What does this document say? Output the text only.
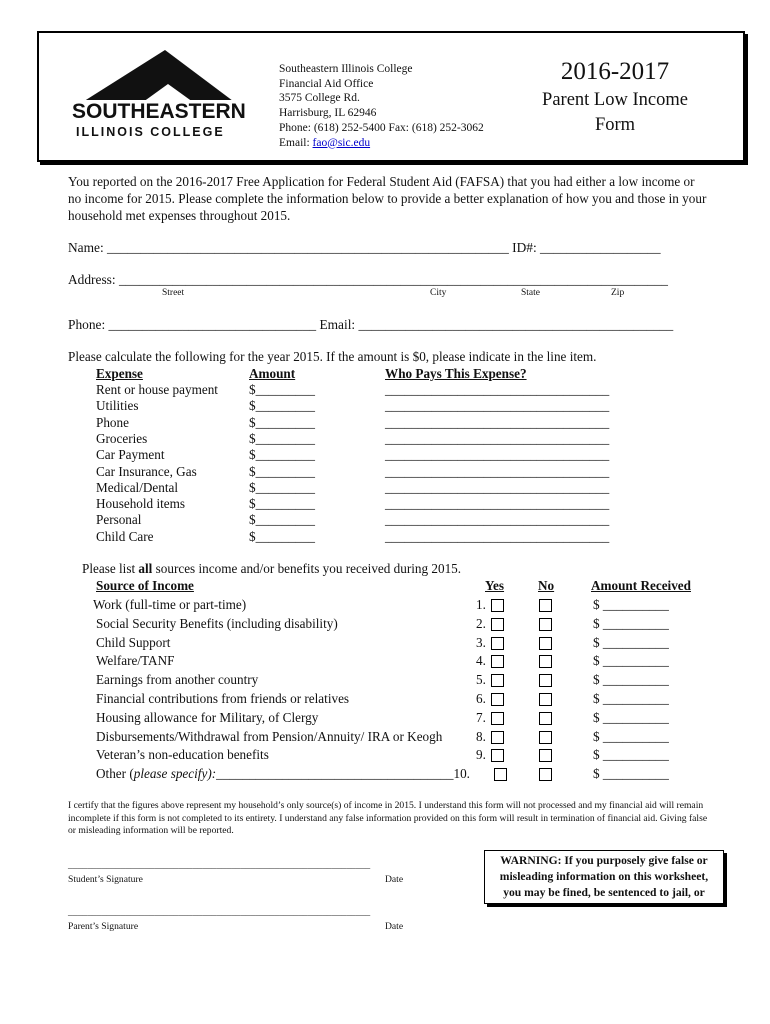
SOUTHEASTERN
ILLINOIS COLLEGE
Southeastern Illinois College
Financial Aid Office
3575 College Rd.
Harrisburg, IL 62946
Phone: (618) 252-5400 Fax: (618) 252-3062
Email: fao@sic.edu
2016-2017
Parent Low Income
Form
You reported on the 2016-2017 Free Application for Federal Student Aid (FAFSA) that you had either a low income or no income for 2015. Please complete the information below to provide a better explanation of how you and those in your household met expenses throughout 2015.
Name: ____________________________________________________________ ID#: __________________
Address: __________________________________________________________________________________
Street	City	State	Zip
Phone: _______________________________ Email: _______________________________________________
Please calculate the following for the year 2015. If the amount is $0, please indicate in the line item.
Expense	Amount	Who Pays This Expense?
Rent or house payment $_________	__________________________________
Utilities	$_________	__________________________________
Phone	$_________	__________________________________
Groceries	$_________	__________________________________
Car Payment	$_________	__________________________________
Car Insurance, Gas	$_________	__________________________________
Medical/Dental	$_________	__________________________________
Household items	$_________	__________________________________
Personal	$_________	__________________________________
Child Care	$_________	__________________________________
Please list all sources income and/or benefits you received during 2015.
Source of Income	Yes	No	Amount Received
Work (full-time or part-time)	1.	$ __________
Social Security Benefits (including disability)	2.	$ __________
Child Support	3.	$ __________
Welfare/TANF	4.	$ __________
Earnings from another country	5.	$ __________
Financial contributions from friends or relatives	6.	$ __________
Housing allowance for Military, of Clergy	7.	$ __________
Disbursements/Withdrawal from Pension/Annuity/ IRA or Keogh	8.	$ __________
Veteran’s non-education benefits	9.	$ __________
Other (please specify):____________________________________10.	$ __________
I certify that the figures above represent my household’s only source(s) of income in 2015. I understand this form will not processed and my financial aid will remain incomplete if this form is not completed to its entirety. I understand any false information provided on this form will result in termination of financial aid. Giving false or misleading information will be reported.
_______________________________________________________________
Student’s Signature	Date
_______________________________________________________________
Parent’s Signature	Date
WARNING: If you purposely give false or misleading information on this worksheet, you may be fined, be sentenced to jail, or
